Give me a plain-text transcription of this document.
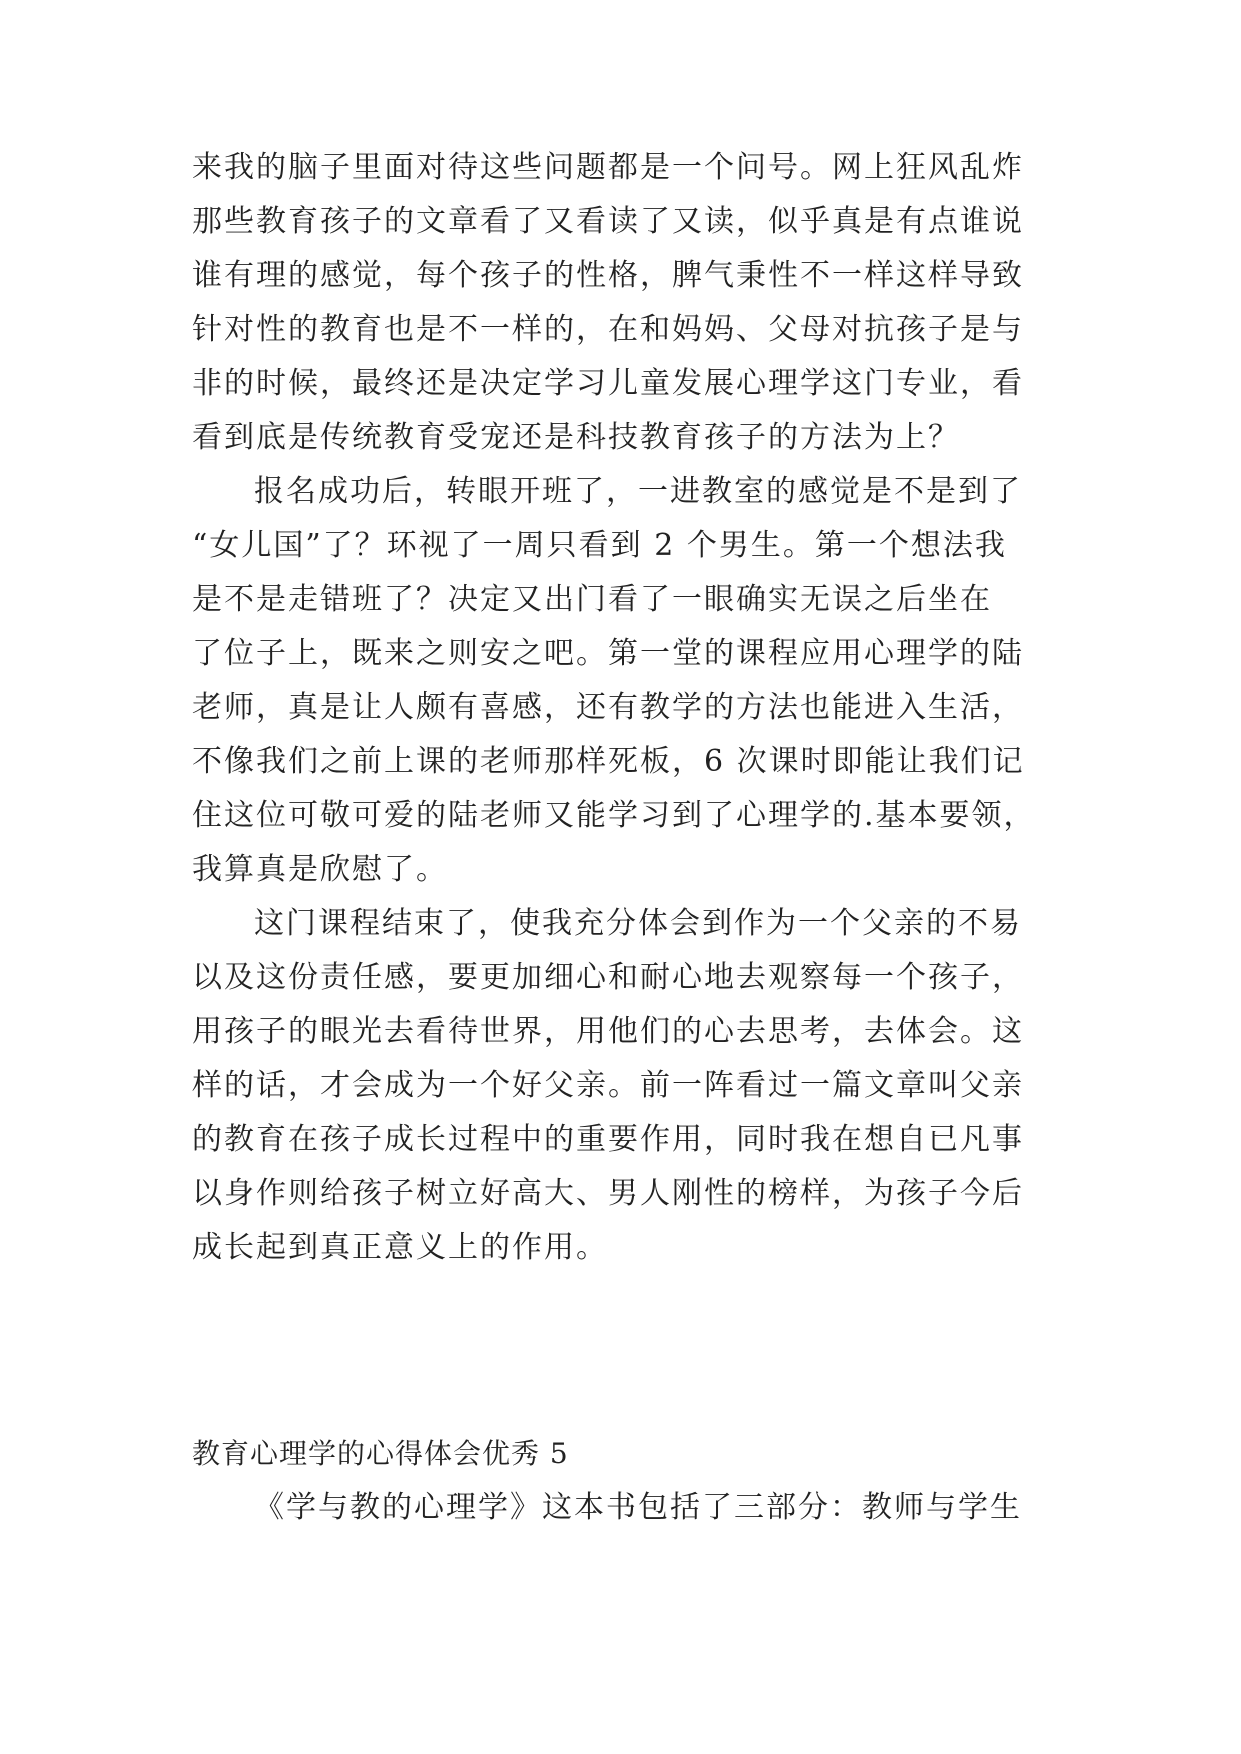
来我的脑子里面对待这些问题都是一个问号。网上狂风乱炸
那些教育孩子的文章看了又看读了又读，似乎真是有点谁说
谁有理的感觉，每个孩子的性格，脾气秉性不一样这样导致
针对性的教育也是不一样的，在和妈妈、父母对抗孩子是与
非的时候，最终还是决定学习儿童发展心理学这门专业，看
看到底是传统教育受宠还是科技教育孩子的方法为上？
报名成功后，转眼开班了，一进教室的感觉是不是到了
“女儿国”了？环视了一周只看到 2 个男生。第一个想法我
是不是走错班了？决定又出门看了一眼确实无误之后坐在
了位子上，既来之则安之吧。第一堂的课程应用心理学的陆
老师，真是让人颇有喜感，还有教学的方法也能进入生活，
不像我们之前上课的老师那样死板，6 次课时即能让我们记
住这位可敬可爱的陆老师又能学习到了心理学的.基本要领，
我算真是欣慰了。
这门课程结束了，使我充分体会到作为一个父亲的不易
以及这份责任感，要更加细心和耐心地去观察每一个孩子，
用孩子的眼光去看待世界，用他们的心去思考，去体会。这
样的话，才会成为一个好父亲。前一阵看过一篇文章叫父亲
的教育在孩子成长过程中的重要作用，同时我在想自已凡事
以身作则给孩子树立好高大、男人刚性的榜样，为孩子今后
成长起到真正意义上的作用。
教育心理学的心得体会优秀 5
《学与教的心理学》这本书包括了三部分：教师与学生
